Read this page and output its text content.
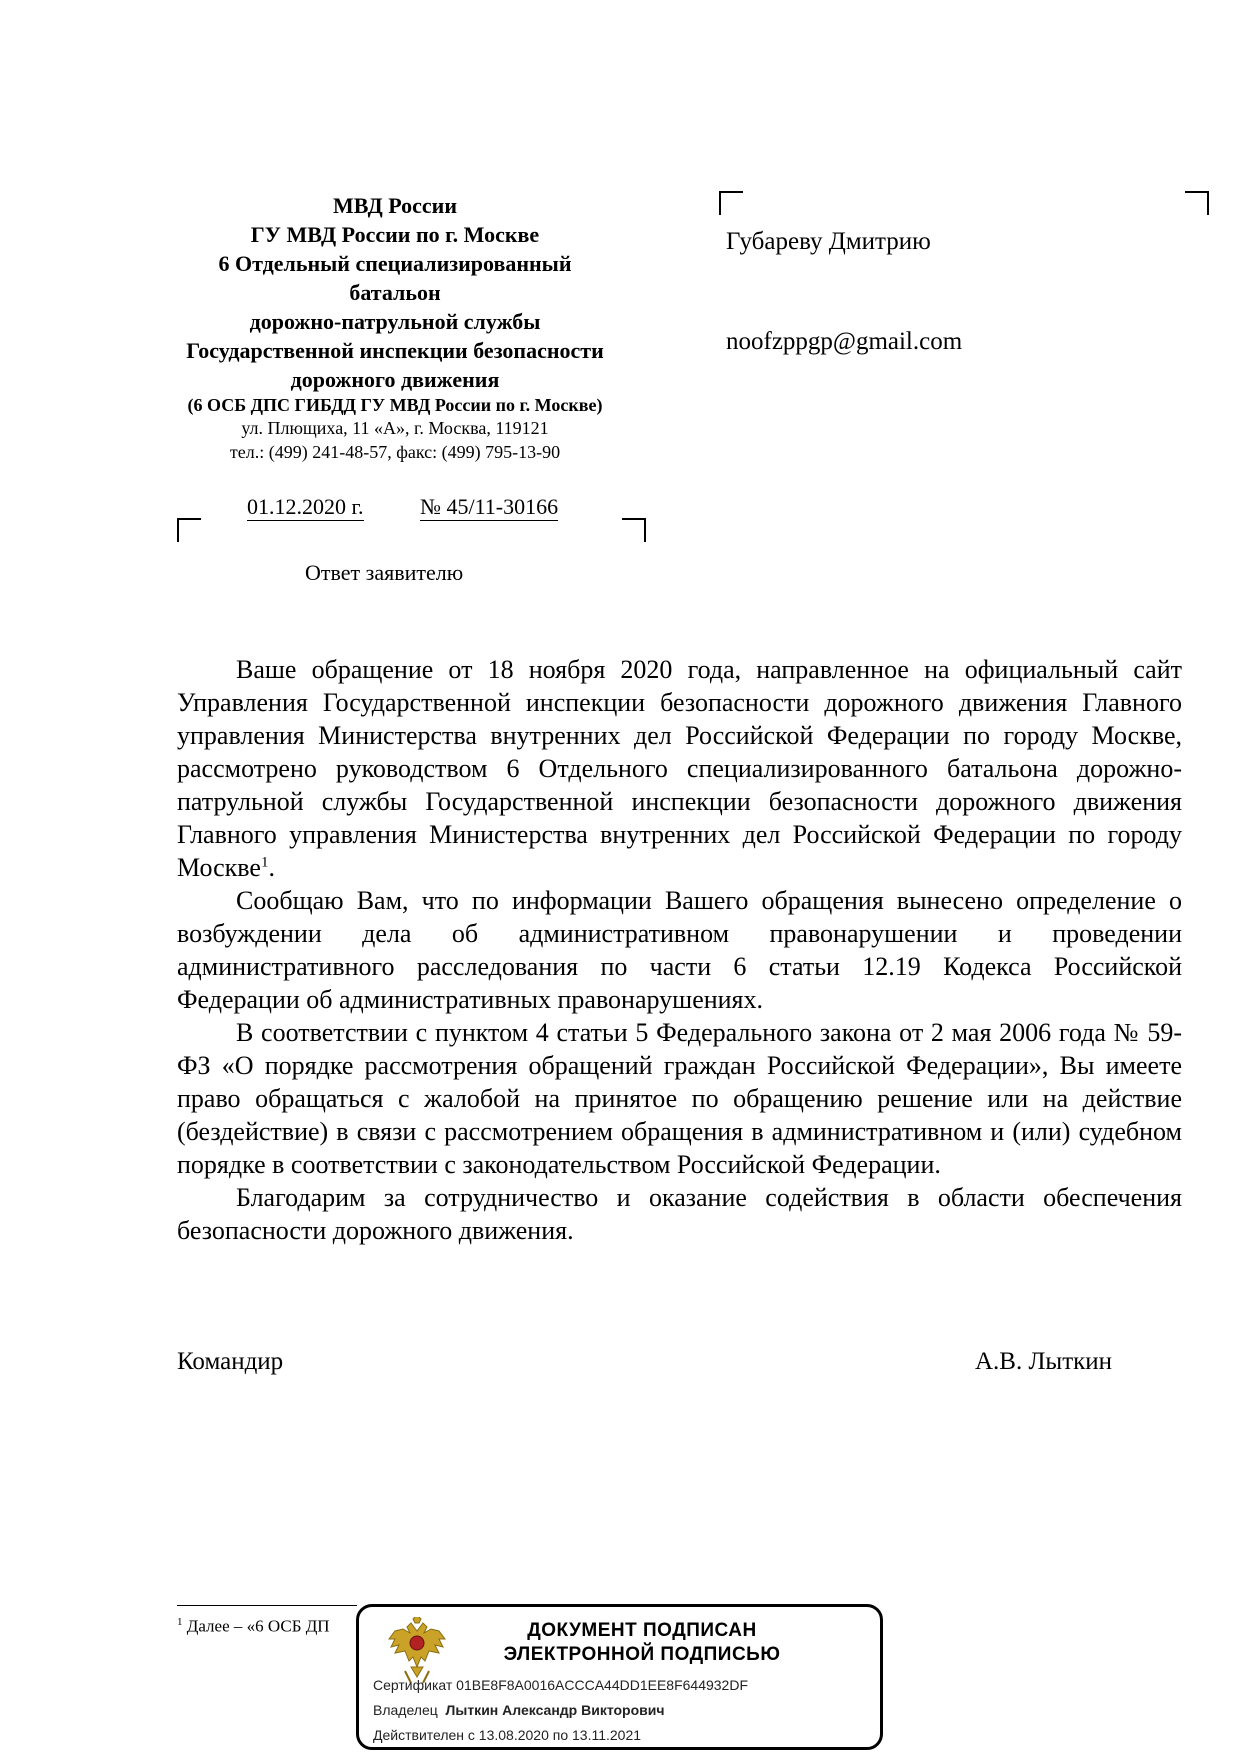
МВД России
ГУ МВД России по г. Москве
6 Отдельный специализированный
батальон
дорожно-патрульной службы
Государственной инспекции безопасности
дорожного движения
(6 ОСБ ДПС ГИБДД ГУ МВД России по г. Москве)
ул. Плющиха, 11 «А», г. Москва, 119121
тел.: (499) 241-48-57, факс: (499) 795-13-90
01.12.2020 г.	№ 45/11-30166
Ответ заявителю
Губареву Дмитрию
noofzppgp@gmail.com

Ваше обращение от 18 ноября 2020 года, направленное на официальный сайт Управления Государственной инспекции безопасности дорожного движения Главного управления Министерства внутренних дел Российской Федерации по городу Москве, рассмотрено руководством 6 Отдельного специализированного батальона дорожно-патрульной службы Государственной инспекции безопасности дорожного движения Главного управления Министерства внутренних дел Российской Федерации по городу Москве$^1$.

Сообщаю Вам, что по информации Вашего обращения вынесено определение о возбуждении дела об административном правонарушении и проведении административного расследования по части 6 статьи 12.19 Кодекса Российской Федерации об административных правонарушениях.

В соответствии с пунктом 4 статьи 5 Федерального закона от 2 мая 2006 года № 59-ФЗ «О порядке рассмотрения обращений граждан Российской Федерации», Вы имеете право обращаться с жалобой на принятое по обращению решение или на действие (бездействие) в связи с рассмотрением обращения в административном и (или) судебном порядке в соответствии с законодательством Российской Федерации.

Благодарим за сотрудничество и оказание содействия в области обеспечения безопасности дорожного движения.

Командир	А.В. Лыткин
$^1$ Далее – «6 ОСБ ДП	ДОКУМЕНТ ПОДПИСАН
ЭЛЕКТРОННОЙ ПОДПИСЬЮ
Сертификат 01BE8F8A0016ACCCA44DD1EE8F644932DF
Владелец Лыткин Александр Викторович
Действителен с 13.08.2020 по 13.11.2021
